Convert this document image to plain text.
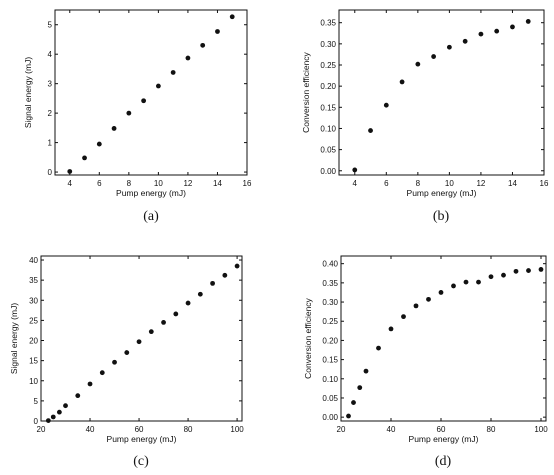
4	6	8	10	12	14	16
0
1
2
3
4
5
Pump energy (mJ)
Signal energy (mJ)
(a)
4	6	8	10	12	14	16
0.00
0.05
0.10
0.15
0.20
0.25
0.30
0.35
Pump energy (mJ)
Conversion efficiency
(b)
20	40	60	80	100
0
5
10
15
20
25
30
35
40
Pump energy (mJ)
Signal energy (mJ)
(c)
20	40	60	80	100
0.00
0.05
0.10
0.15
0.20
0.25
0.30
0.35
0.40
Pump energy (mJ)
Conversion efficiency
(d)
